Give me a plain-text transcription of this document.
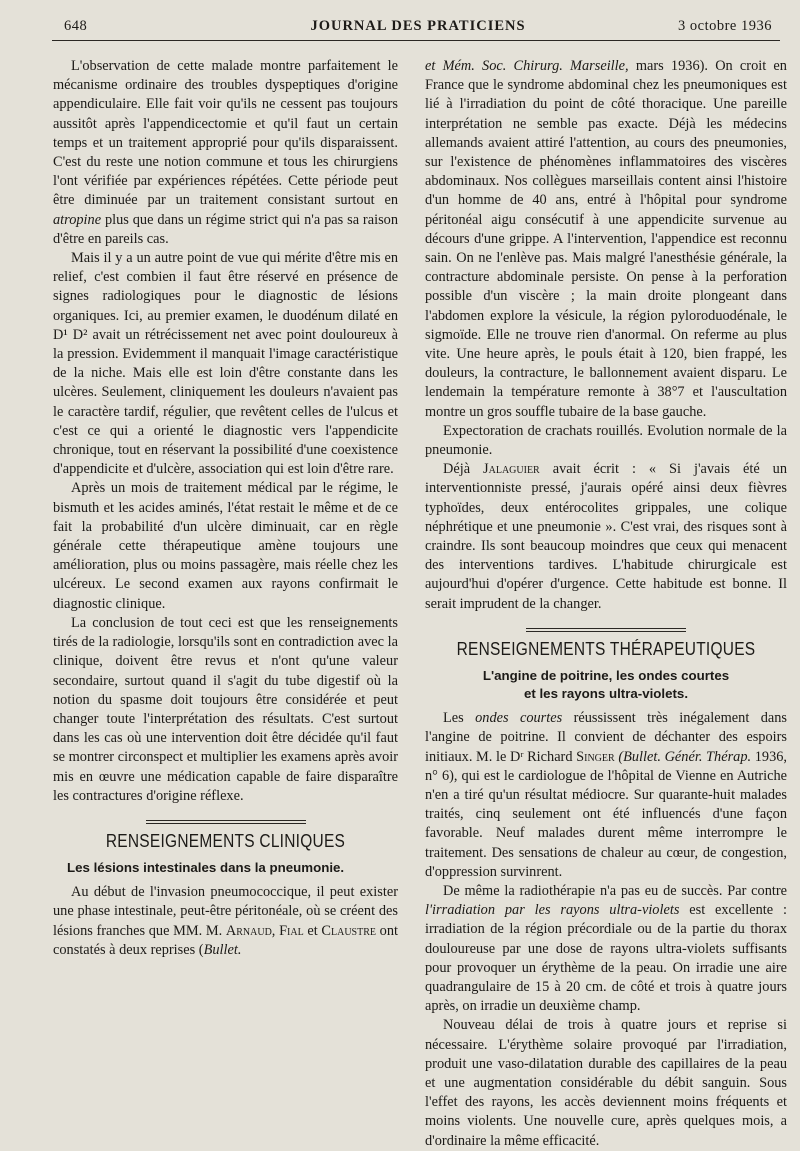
648	JOURNAL DES PRATICIENS	3 octobre 1936

L'observation de cette malade montre parfaitement le mécanisme ordinaire des troubles dyspeptiques d'origine appendiculaire. Elle fait voir qu'ils ne cessent pas toujours aussitôt après l'appendicectomie et qu'il faut un certain temps et un traitement approprié pour qu'ils disparaissent. C'est du reste une notion commune et tous les chirurgiens l'ont vérifiée par expériences répétées. Cette période peut être diminuée par un traitement consistant surtout en atropine plus que dans un régime strict qui n'a pas sa raison d'être en pareils cas.

Mais il y a un autre point de vue qui mérite d'être mis en relief, c'est combien il faut être réservé en présence de signes radiologiques pour le diagnostic de lésions organiques. Ici, au premier examen, le duodénum dilaté en D¹ D² avait un rétrécissement net avec point douloureux à la pression. Evidemment il manquait l'image caractéristique de la niche. Mais elle est loin d'être constante dans les ulcères. Seulement, cliniquement les douleurs n'avaient pas le caractère tardif, régulier, que revêtent celles de l'ulcus et c'est ce qui a orienté le diagnostic vers l'appendicite chronique, tout en réservant la possibilité d'une coexistence d'appendicite et d'ulcère, association qui est loin d'être rare.

Après un mois de traitement médical par le régime, le bismuth et les acides aminés, l'état restait le même et de ce fait la probabilité d'un ulcère diminuait, car en règle générale cette thérapeutique amène toujours une amélioration, plus ou moins passagère, mais réelle chez les ulcéreux. Le second examen aux rayons confirmait le diagnostic clinique.

La conclusion de tout ceci est que les renseignements tirés de la radiologie, lorsqu'ils sont en contradiction avec la clinique, doivent être revus et n'ont qu'une valeur secondaire, surtout quand il s'agit du tube digestif où la notion du spasme doit toujours être considérée et peut changer toute l'interprétation des résultats. C'est surtout dans les cas où une intervention doit être décidée qu'il faut se montrer circonspect et multiplier les examens après avoir mis en œuvre une médication capable de faire disparaître les contractures d'origine réflexe.

RENSEIGNEMENTS CLINIQUES
Les lésions intestinales dans la pneumonie.

Au début de l'invasion pneumococcique, il peut exister une phase intestinale, peut-être péritonéale, où se créent des lésions franches que MM. M. Arnaud, Fial et Claustre ont constatés à deux reprises (Bullet.

et Mém. Soc. Chirurg. Marseille, mars 1936). On croit en France que le syndrome abdominal chez les pneumoniques est lié à l'irradiation du point de côté thoracique. Une pareille interprétation ne semble pas exacte. Déjà les médecins allemands avaient attiré l'attention, au cours des pneumonies, sur l'existence de phénomènes inflammatoires des viscères abdominaux. Nos collègues marseillais content ainsi l'histoire d'un homme de 40 ans, entré à l'hôpital pour syndrome péritonéal aigu consécutif à une appendicite survenue au décours d'une grippe. A l'intervention, l'appendice est reconnu sain. On ne l'enlève pas. Mais malgré l'anesthésie générale, la contracture abdominale persiste. On pense à la perforation possible d'un viscère ; la main droite plongeant dans l'abdomen explore la vésicule, la région pyloroduodénale, le sigmoïde. Elle ne trouve rien d'anormal. On referme au plus vite. Une heure après, le pouls était à 120, bien frappé, les douleurs, la contracture, le ballonnement avaient disparu. Le lendemain la température remonte à 38°7 et l'auscultation montre un gros souffle tubaire de la base gauche.

Expectoration de crachats rouillés. Evolution normale de la pneumonie.

Déjà Jalaguier avait écrit : « Si j'avais été un interventionniste pressé, j'aurais opéré ainsi deux fièvres typhoïdes, deux entérocolites grippales, une colique néphrétique et une pneumonie ». C'est vrai, des risques sont à craindre. Ils sont beaucoup moindres que ceux qui menacent des interventions tardives. L'habitude chirurgicale est aujourd'hui d'opérer d'urgence. Cette habitude est bonne. Il serait imprudent de la changer.

RENSEIGNEMENTS THÉRAPEUTIQUES
L'angine de poitrine, les ondes courtes
et les rayons ultra-violets.

Les ondes courtes réussissent très inégalement dans l'angine de poitrine. Il convient de déchanter des espoirs initiaux. M. le Dʳ Richard Singer (Bullet. Génér. Thérap. 1936, n° 6), qui est le cardiologue de l'hôpital de Vienne en Autriche n'en a tiré qu'un résultat médiocre. Sur quarante-huit malades traités, cinq seulement ont été influencés d'une façon favorable. Neuf malades durent même interrompre le traitement. Des sensations de chaleur au cœur, de congestion, d'oppression survinrent.

De même la radiothérapie n'a pas eu de succès. Par contre l'irradiation par les rayons ultra-violets est excellente : irradiation de la région précordiale ou de la partie du thorax douloureuse par une dose de rayons ultra-violets suffisants pour provoquer un érythème de la peau. On irradie une aire quadrangulaire de 15 à 20 cm. de côté et trois à quatre jours après, on irradie un deuxième champ.

Nouveau délai de trois à quatre jours et reprise si nécessaire. L'érythème solaire provoqué par l'irradiation, produit une vaso-dilatation durable des capillaires de la peau et une augmentation considérable du débit sanguin. Sous l'effet des rayons, les accès deviennent moins fréquents et moins violents. Une nouvelle cure, après quelques mois, a d'ordinaire la même efficacité.
